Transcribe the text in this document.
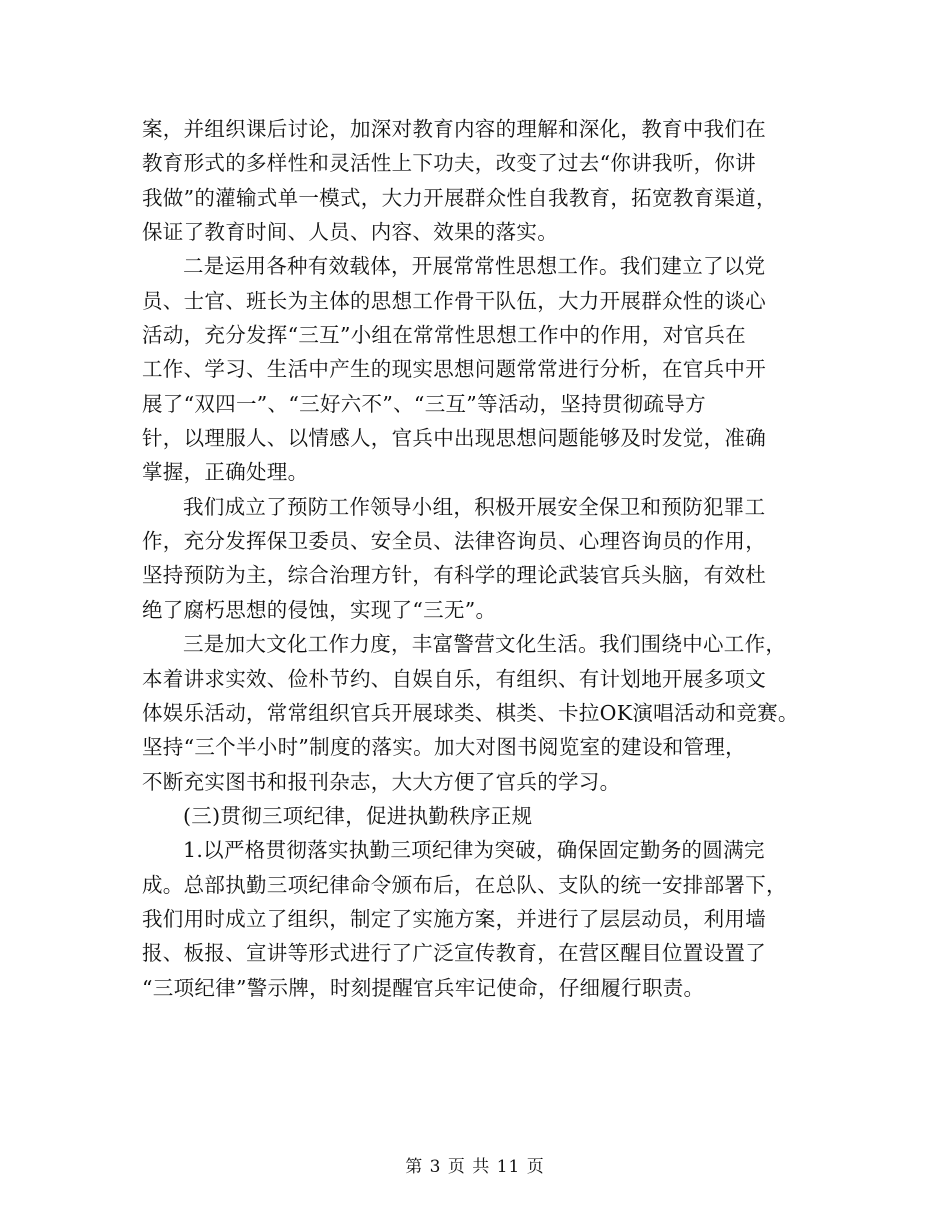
案，并组织课后讨论，加深对教育内容的理解和深化，教育中我们在
教育形式的多样性和灵活性上下功夫，改变了过去“你讲我听，你讲
我做”的灌输式单一模式，大力开展群众性自我教育，拓宽教育渠道，
保证了教育时间、人员、内容、效果的落实。
二是运用各种有效载体，开展常常性思想工作。我们建立了以党
员、士官、班长为主体的思想工作骨干队伍，大力开展群众性的谈心
活动，充分发挥“三互”小组在常常性思想工作中的作用，对官兵在
工作、学习、生活中产生的现实思想问题常常进行分析，在官兵中开
展了“双四一”、“三好六不”、“三互”等活动，坚持贯彻疏导方
针，以理服人、以情感人，官兵中出现思想问题能够及时发觉，准确
掌握，正确处理。
我们成立了预防工作领导小组，积极开展安全保卫和预防犯罪工
作，充分发挥保卫委员、安全员、法律咨询员、心理咨询员的作用，
坚持预防为主，综合治理方针，有科学的理论武装官兵头脑，有效杜
绝了腐朽思想的侵蚀，实现了“三无”。
三是加大文化工作力度，丰富警营文化生活。我们围绕中心工作，
本着讲求实效、俭朴节约、自娱自乐，有组织、有计划地开展多项文
体娱乐活动，常常组织官兵开展球类、棋类、卡拉OK演唱活动和竞赛。
坚持“三个半小时”制度的落实。加大对图书阅览室的建设和管理，
不断充实图书和报刊杂志，大大方便了官兵的学习。
(三)贯彻三项纪律，促进执勤秩序正规
1.以严格贯彻落实执勤三项纪律为突破，确保固定勤务的圆满完
成。总部执勤三项纪律命令颁布后，在总队、支队的统一安排部署下，
我们用时成立了组织，制定了实施方案，并进行了层层动员，利用墙
报、板报、宣讲等形式进行了广泛宣传教育，在营区醒目位置设置了
“三项纪律”警示牌，时刻提醒官兵牢记使命，仔细履行职责。
第 3 页 共 11 页
